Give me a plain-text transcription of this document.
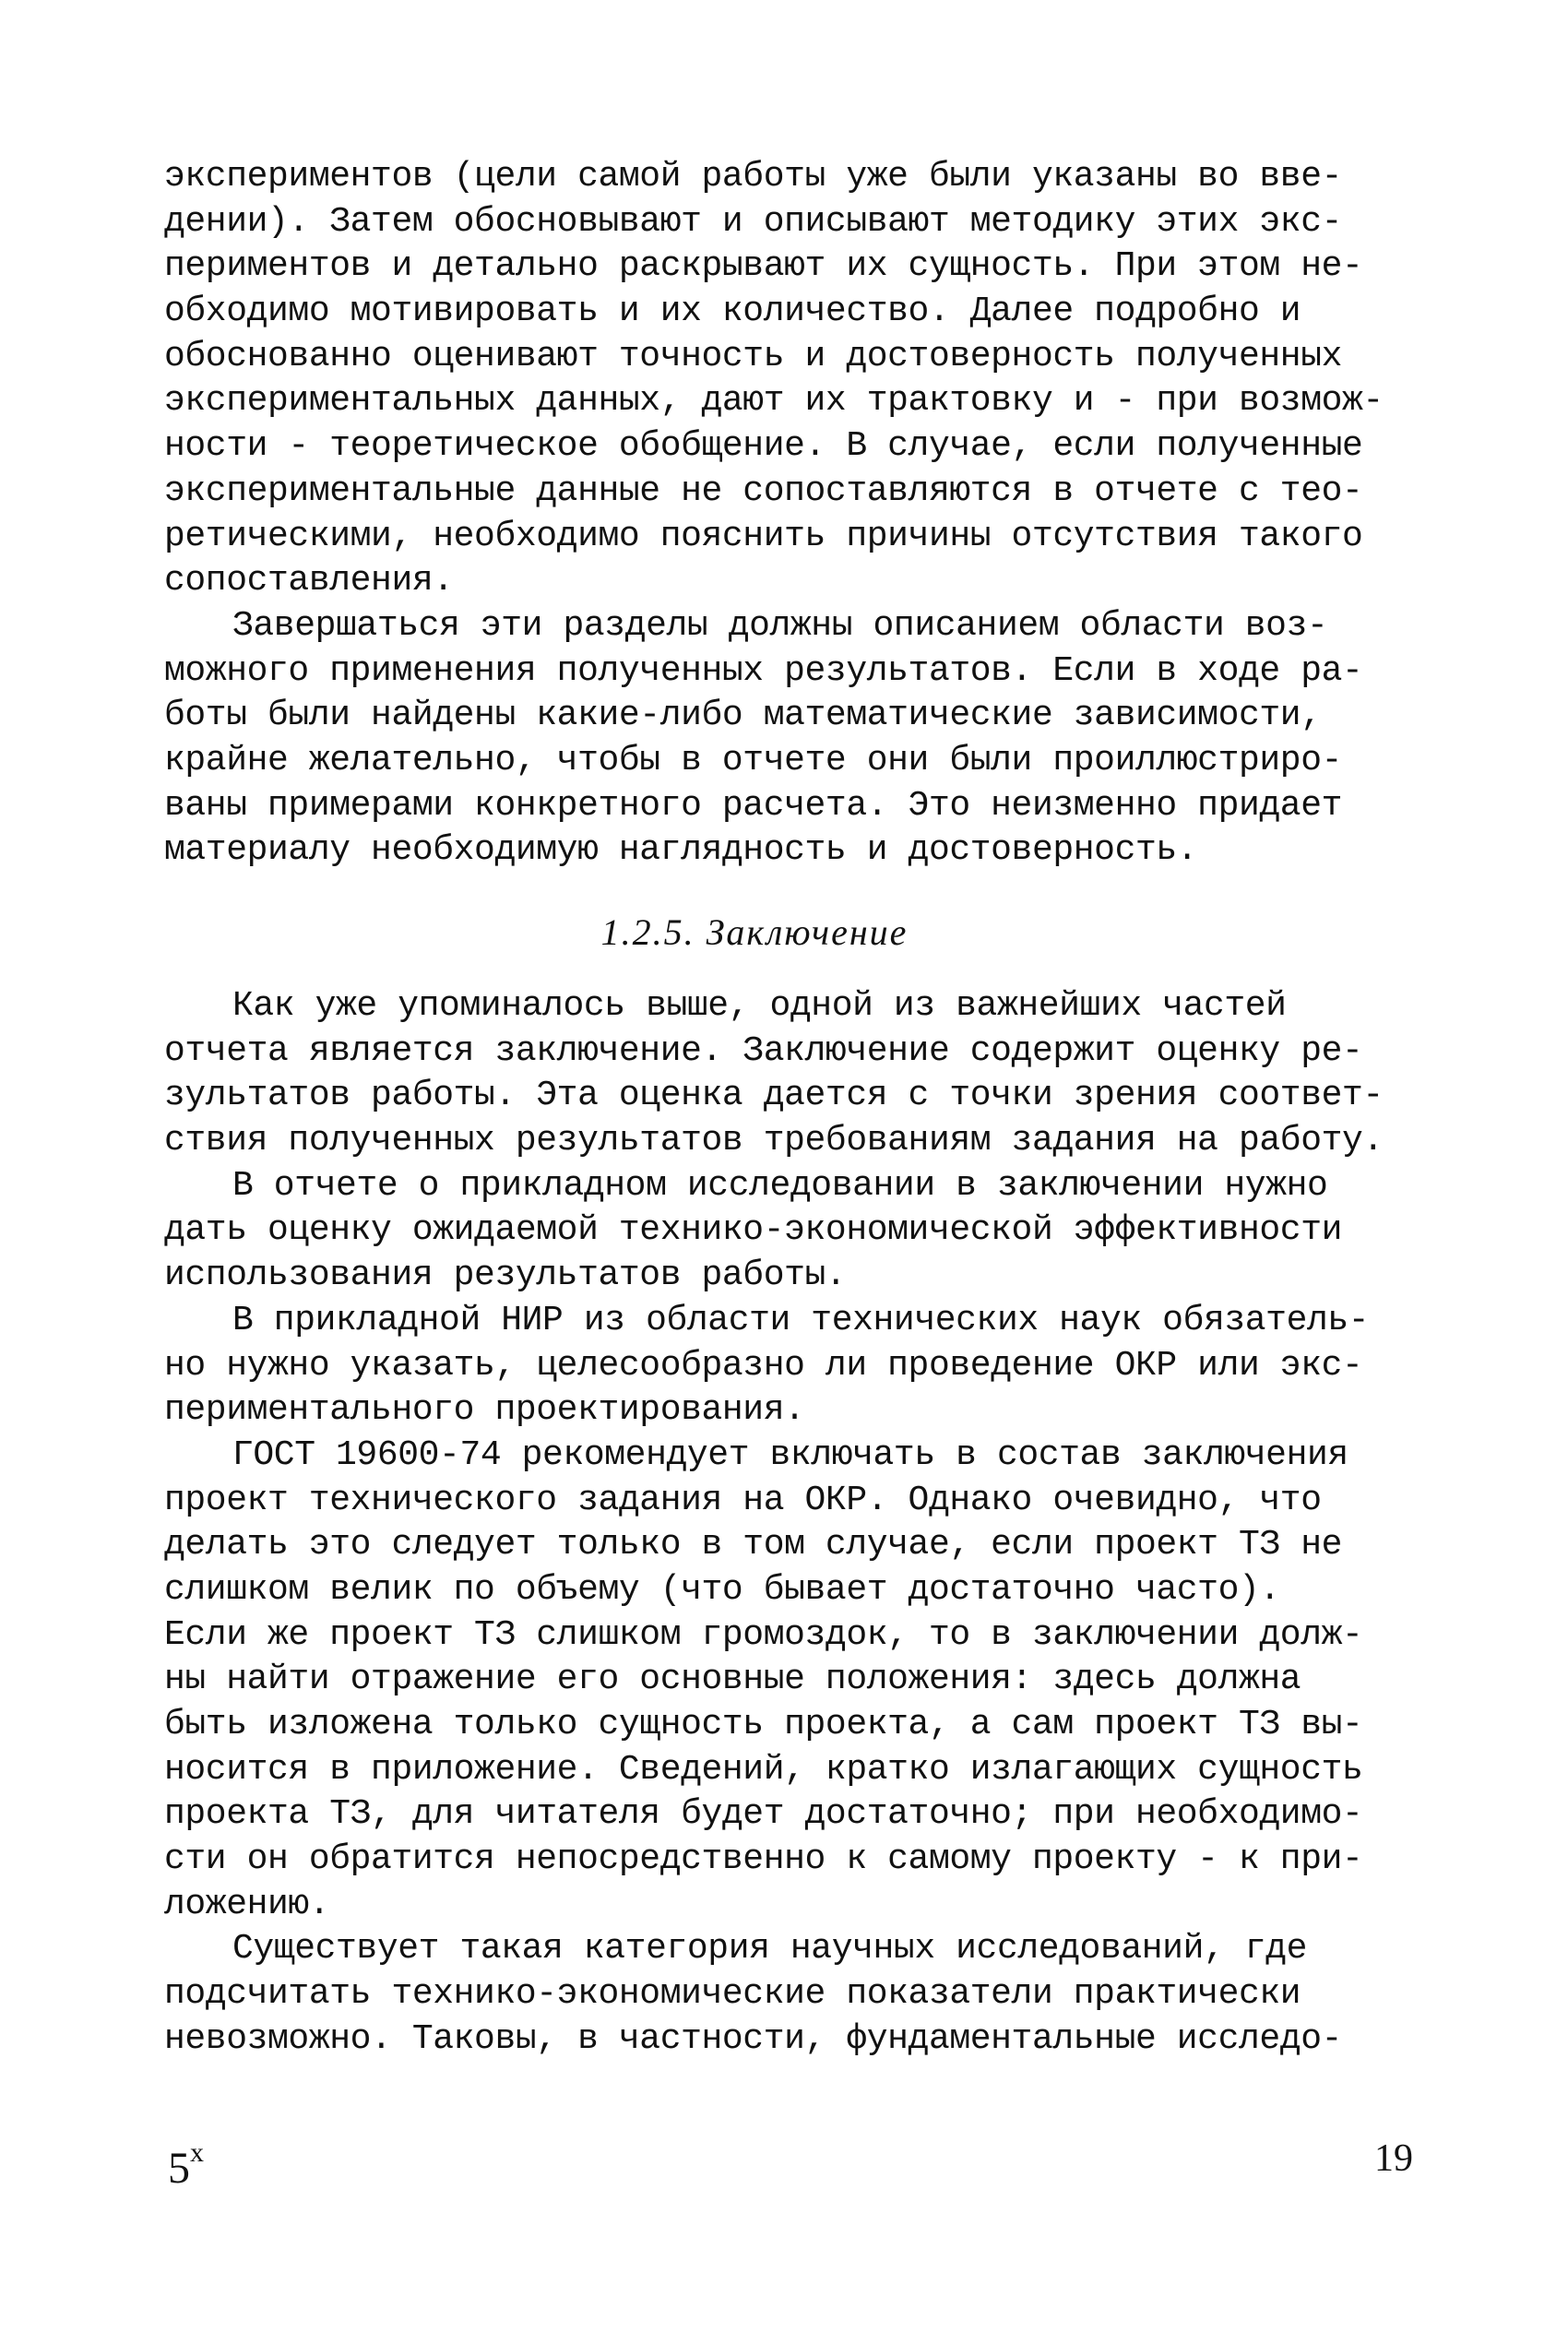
экспериментов (цели самой работы уже были указаны во вве-
дении). Затем обосновывают и описывают методику этих экс-
периментов и детально раскрывают их сущность. При этом не-
обходимо мотивировать и их количество. Далее подробно и
обоснованно оценивают точность и достоверность полученных
экспериментальных данных, дают их трактовку и - при возмож-
ности - теоретическое обобщение. В случае, если полученные
экспериментальные данные не сопоставляются в отчете с тео-
ретическими, необходимо пояснить причины отсутствия такого
сопоставления.
Завершаться эти разделы должны описанием области воз-
можного применения полученных результатов. Если в ходе ра-
боты были найдены какие-либо математические зависимости,
крайне желательно, чтобы в отчете они были проиллюстриро-
ваны примерами конкретного расчета. Это неизменно придает
материалу необходимую наглядность и достоверность.
1.2.5. Заключение
Как уже упоминалось выше, одной из важнейших частей
отчета является заключение. Заключение содержит оценку ре-
зультатов работы. Эта оценка дается с точки зрения соответ-
ствия полученных результатов требованиям задания на работу.
В отчете о прикладном исследовании в заключении нужно
дать оценку ожидаемой технико-экономической эффективности
использования результатов работы.
В прикладной НИР из области технических наук обязатель-
но нужно указать, целесообразно ли проведение ОКР или экс-
периментального проектирования.
ГОСТ 19600-74 рекомендует включать в состав заключения
проект технического задания на ОКР. Однако очевидно, что
делать это следует только в том случае, если проект ТЗ не
слишком велик по объему (что бывает достаточно часто).
Если же проект ТЗ слишком громоздок, то в заключении долж-
ны найти отражение его основные положения: здесь должна
быть изложена только сущность проекта, а сам проект ТЗ вы-
носится в приложение. Сведений, кратко излагающих сущность
проекта ТЗ, для читателя будет достаточно; при необходимо-
сти он обратится непосредственно к самому проекту - к при-
ложению.
Существует такая категория научных исследований, где
подсчитать технико-экономические показатели практически
невозможно. Таковы, в частности, фундаментальные исследо-
5$^x$	19
